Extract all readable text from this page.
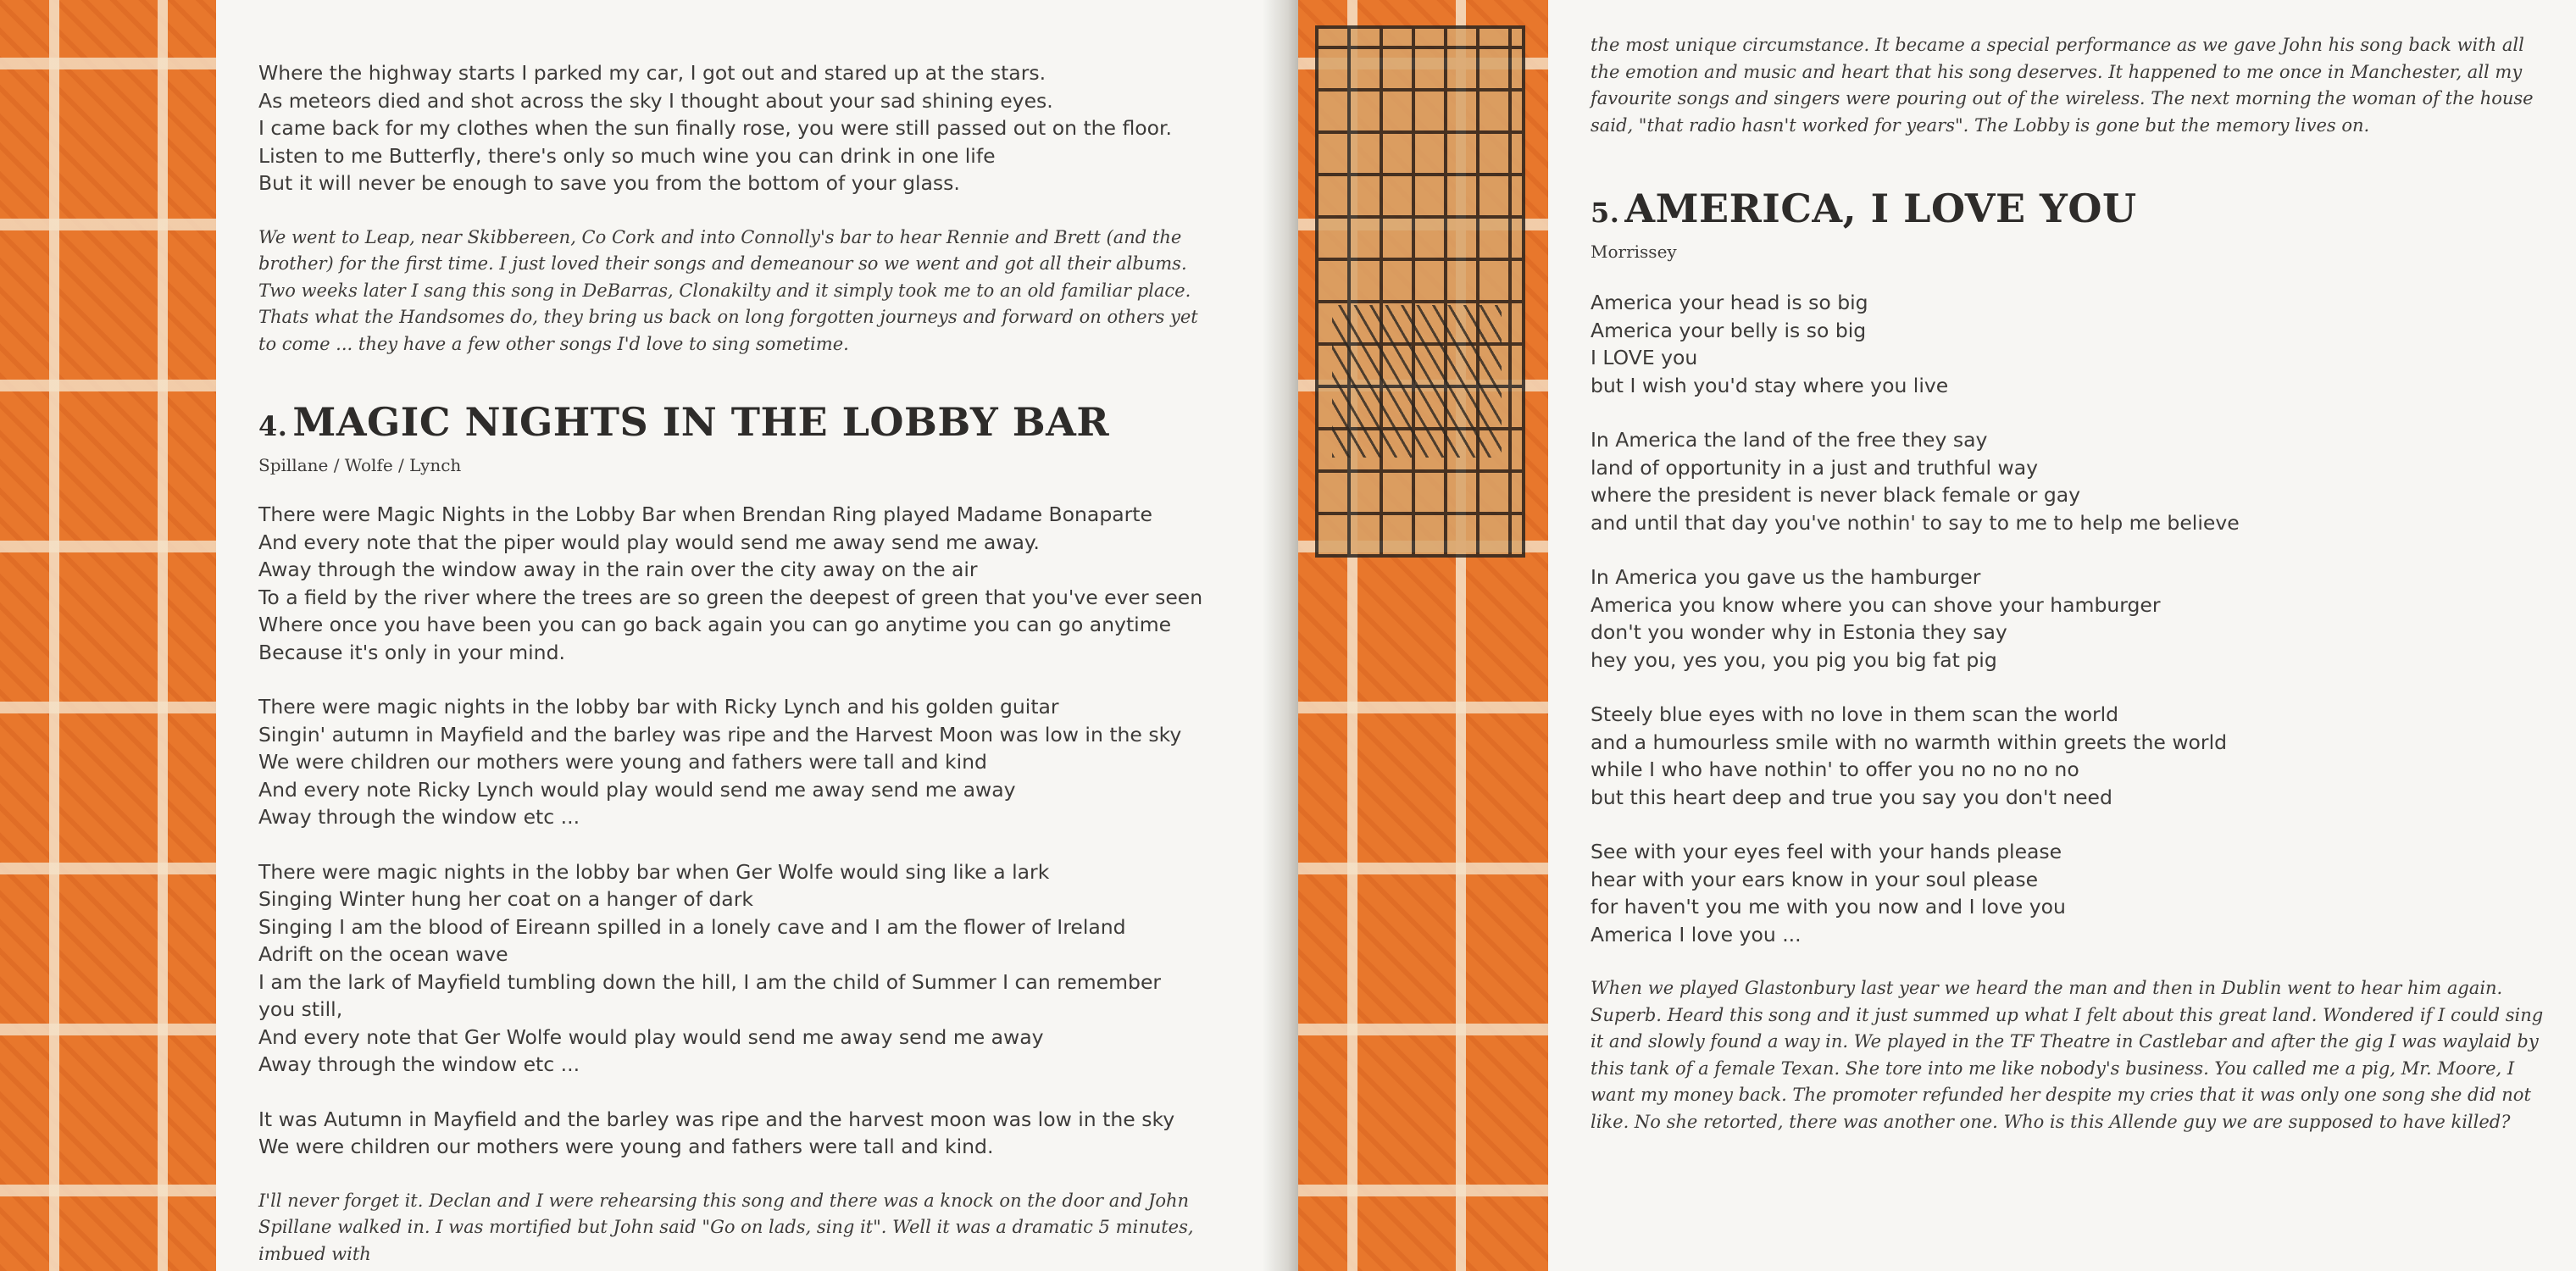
Where the highway starts I parked my car, I got out and stared up at the stars.

As meteors died and shot across the sky I thought about your sad shining eyes.

I came back for my clothes when the sun finally rose, you were still passed out on the floor.

Listen to me Butterfly, there's only so much wine you can drink in one life

But it will never be enough to save you from the bottom of your glass.

We went to Leap, near Skibbereen, Co Cork and into Connolly's bar to hear Rennie and Brett (and the brother) for the first time. I just loved their songs and demeanour so we went and got all their albums. Two weeks later I sang this song in DeBarras, Clonakilty and it simply took me to an old familiar place. Thats what the Handsomes do, they bring us back on long forgotten journeys and forward on others yet to come ... they have a few other songs I'd love to sing sometime.

4. MAGIC NIGHTS IN THE LOBBY BAR

Spillane / Wolfe / Lynch

There were Magic Nights in the Lobby Bar when Brendan Ring played Madame Bonaparte

And every note that the piper would play would send me away send me away.

Away through the window away in the rain over the city away on the air

To a field by the river where the trees are so green the deepest of green that you've ever seen

Where once you have been you can go back again you can go anytime you can go anytime

Because it's only in your mind.

There were magic nights in the lobby bar with Ricky Lynch and his golden guitar

Singin' autumn in Mayfield and the barley was ripe and the Harvest Moon was low in the sky

We were children our mothers were young and fathers were tall and kind

And every note Ricky Lynch would play would send me away send me away

Away through the window etc ...

There were magic nights in the lobby bar when Ger Wolfe would sing like a lark

Singing Winter hung her coat on a hanger of dark

Singing I am the blood of Eireann spilled in a lonely cave and I am the flower of Ireland

Adrift on the ocean wave

I am the lark of Mayfield tumbling down the hill, I am the child of Summer I can remember

you still,

And every note that Ger Wolfe would play would send me away send me away

Away through the window etc ...

It was Autumn in Mayfield and the barley was ripe and the harvest moon was low in the sky

We were children our mothers were young and fathers were tall and kind.

I'll never forget it. Declan and I were rehearsing this song and there was a knock on the door and John Spillane walked in. I was mortified but John said "Go on lads, sing it". Well it was a dramatic 5 minutes, imbued with

the most unique circumstance. It became a special performance as we gave John his song back with all the emotion and music and heart that his song deserves. It happened to me once in Manchester, all my favourite songs and singers were pouring out of the wireless. The next morning the woman of the house said, "that radio hasn't worked for years". The Lobby is gone but the memory lives on.

5. AMERICA, I LOVE YOU

Morrissey

America your head is so big

America your belly is so big

I LOVE you

but I wish you'd stay where you live

In America the land of the free they say

land of opportunity in a just and truthful way

where the president is never black female or gay

and until that day you've nothin' to say to me to help me believe

In America you gave us the hamburger

America you know where you can shove your hamburger

don't you wonder why in Estonia they say

hey you, yes you, you pig you big fat pig

Steely blue eyes with no love in them scan the world

and a humourless smile with no warmth within greets the world

while I who have nothin' to offer you no no no no

but this heart deep and true you say you don't need

See with your eyes feel with your hands please

hear with your ears know in your soul please

for haven't you me with you now and I love you

America I love you ...

When we played Glastonbury last year we heard the man and then in Dublin went to hear him again. Superb. Heard this song and it just summed up what I felt about this great land. Wondered if I could sing it and slowly found a way in. We played in the TF Theatre in Castlebar and after the gig I was waylaid by this tank of a female Texan. She tore into me like nobody's business. You called me a pig, Mr. Moore, I want my money back. The promoter refunded her despite my cries that it was only one song she did not like. No she retorted, there was another one. Who is this Allende guy we are supposed to have killed?
